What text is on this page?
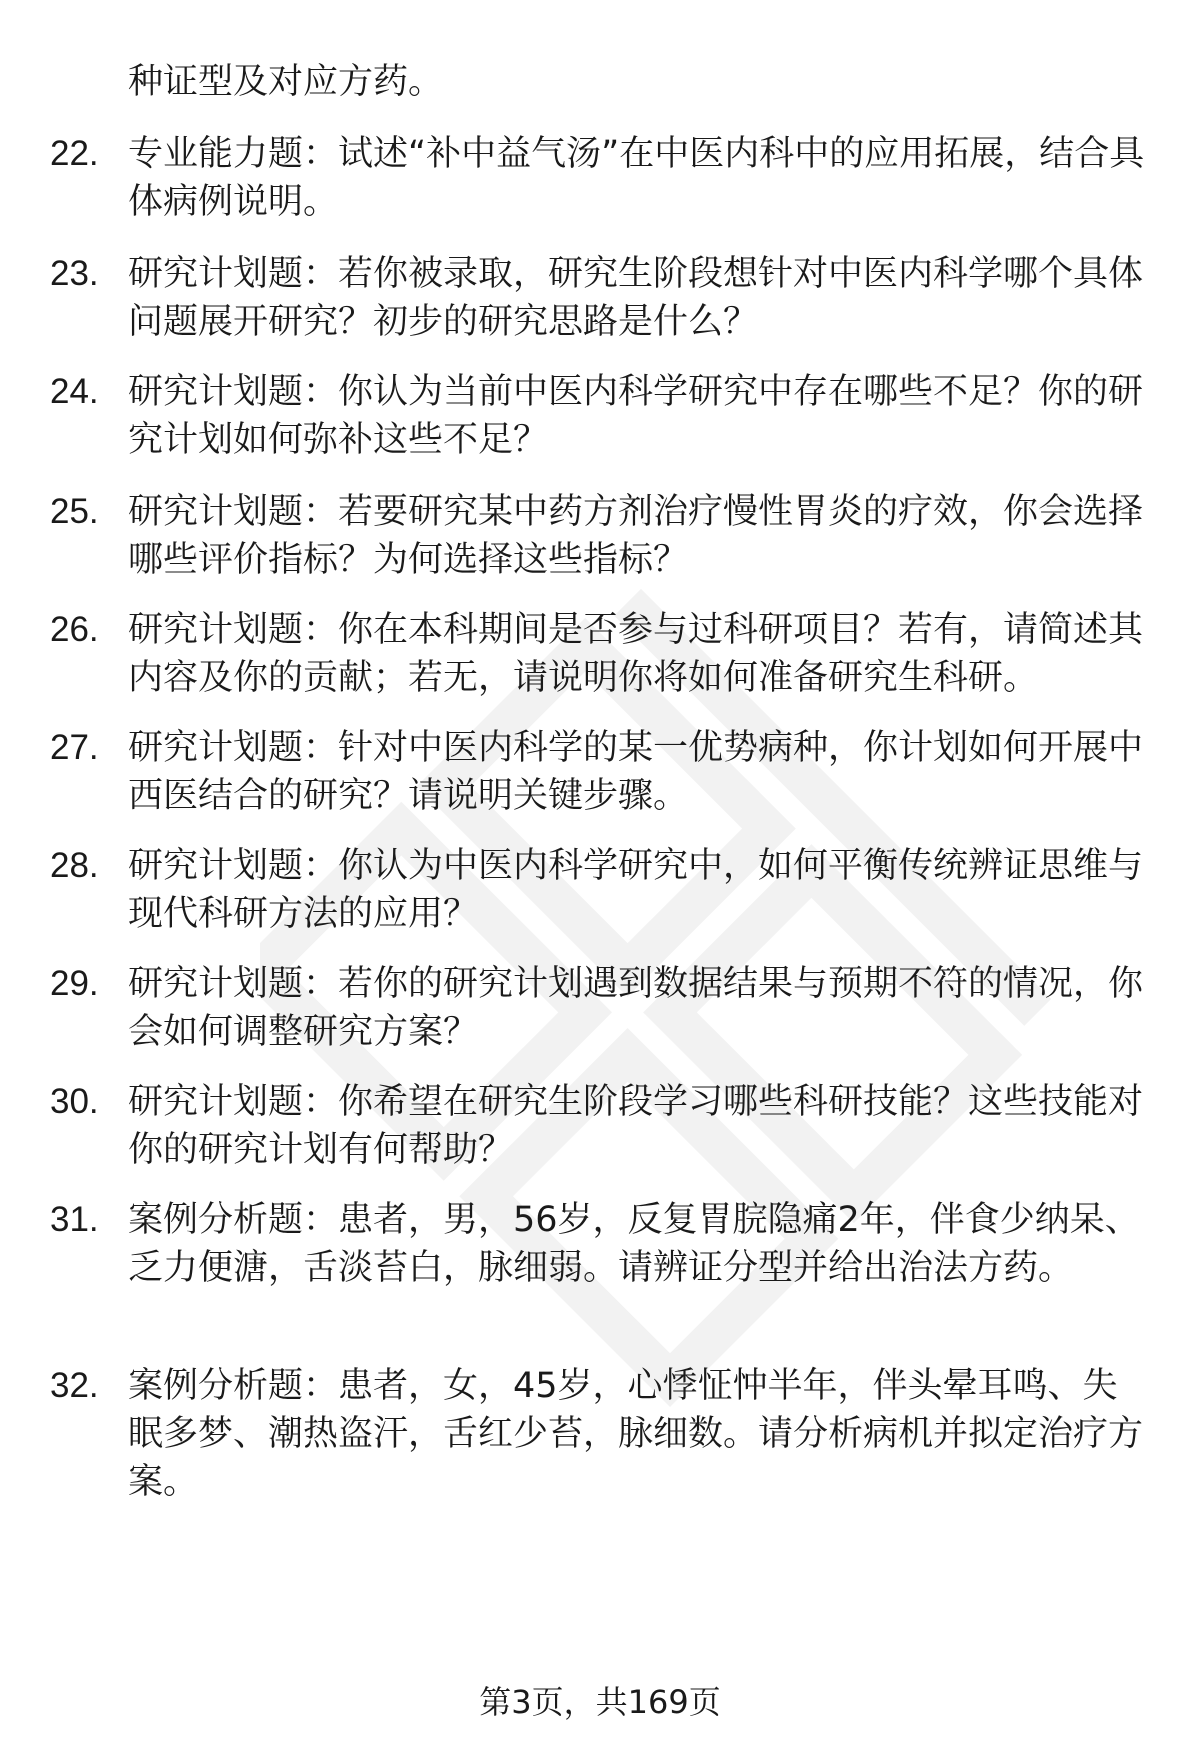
种证型及对应方药。

22. 专业能力题：试述“补中益气汤”在中医内科中的应用拓展，结合具体病例说明。

23. 研究计划题：若你被录取，研究生阶段想针对中医内科学哪个具体问题展开研究？初步的研究思路是什么？

24. 研究计划题：你认为当前中医内科学研究中存在哪些不足？你的研究计划如何弥补这些不足？

25. 研究计划题：若要研究某中药方剂治疗慢性胃炎的疗效，你会选择哪些评价指标？为何选择这些指标？

26. 研究计划题：你在本科期间是否参与过科研项目？若有，请简述其内容及你的贡献；若无，请说明你将如何准备研究生科研。

27. 研究计划题：针对中医内科学的某一优势病种，你计划如何开展中西医结合的研究？请说明关键步骤。

28. 研究计划题：你认为中医内科学研究中，如何平衡传统辨证思维与现代科研方法的应用？

29. 研究计划题：若你的研究计划遇到数据结果与预期不符的情况，你会如何调整研究方案？

30. 研究计划题：你希望在研究生阶段学习哪些科研技能？这些技能对你的研究计划有何帮助？

31. 案例分析题：患者，男，56岁，反复胃脘隐痛2年，伴食少纳呆、乏力便溏，舌淡苔白，脉细弱。请辨证分型并给出治法方药。

32. 案例分析题：患者，女，45岁，心悸怔忡半年，伴头晕耳鸣、失眠多梦、潮热盗汗，舌红少苔，脉细数。请分析病机并拟定治疗方案。

第3页，共169页
